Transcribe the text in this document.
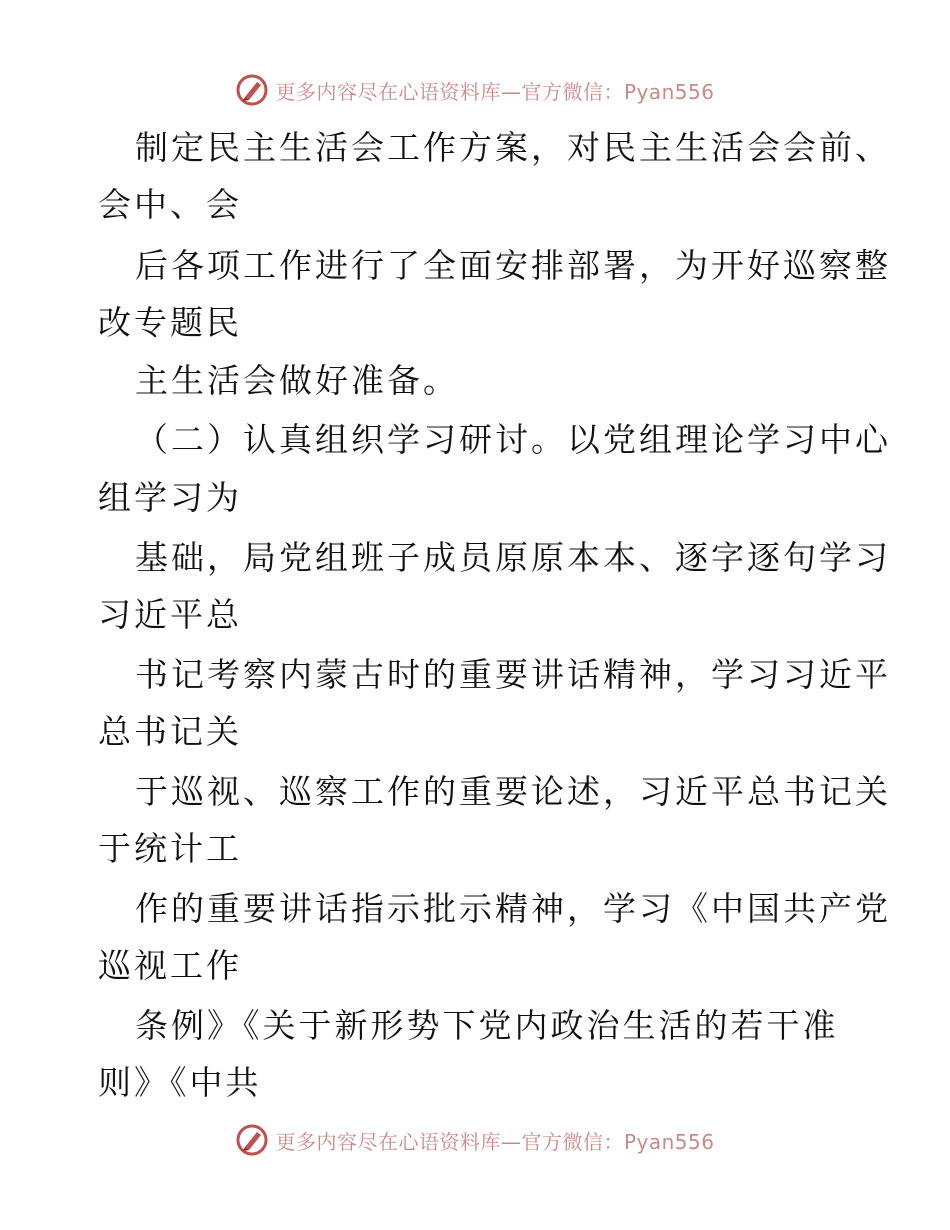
更多内容尽在心语资料库—官方微信：Pyan556
制定民主生活会工作方案，对民主生活会会前、
会中、会
后各项工作进行了全面安排部署，为开好巡察整
改专题民
主生活会做好准备。
（二）认真组织学习研讨。以党组理论学习中心
组学习为
基础，局党组班子成员原原本本、逐字逐句学习
习近平总
书记考察内蒙古时的重要讲话精神，学习习近平
总书记关
于巡视、巡察工作的重要论述，习近平总书记关
于统计工
作的重要讲话指示批示精神，学习《中国共产党
巡视工作
条例》《关于新形势下党内政治生活的若干准
则》《中共
更多内容尽在心语资料库—官方微信：Pyan556
